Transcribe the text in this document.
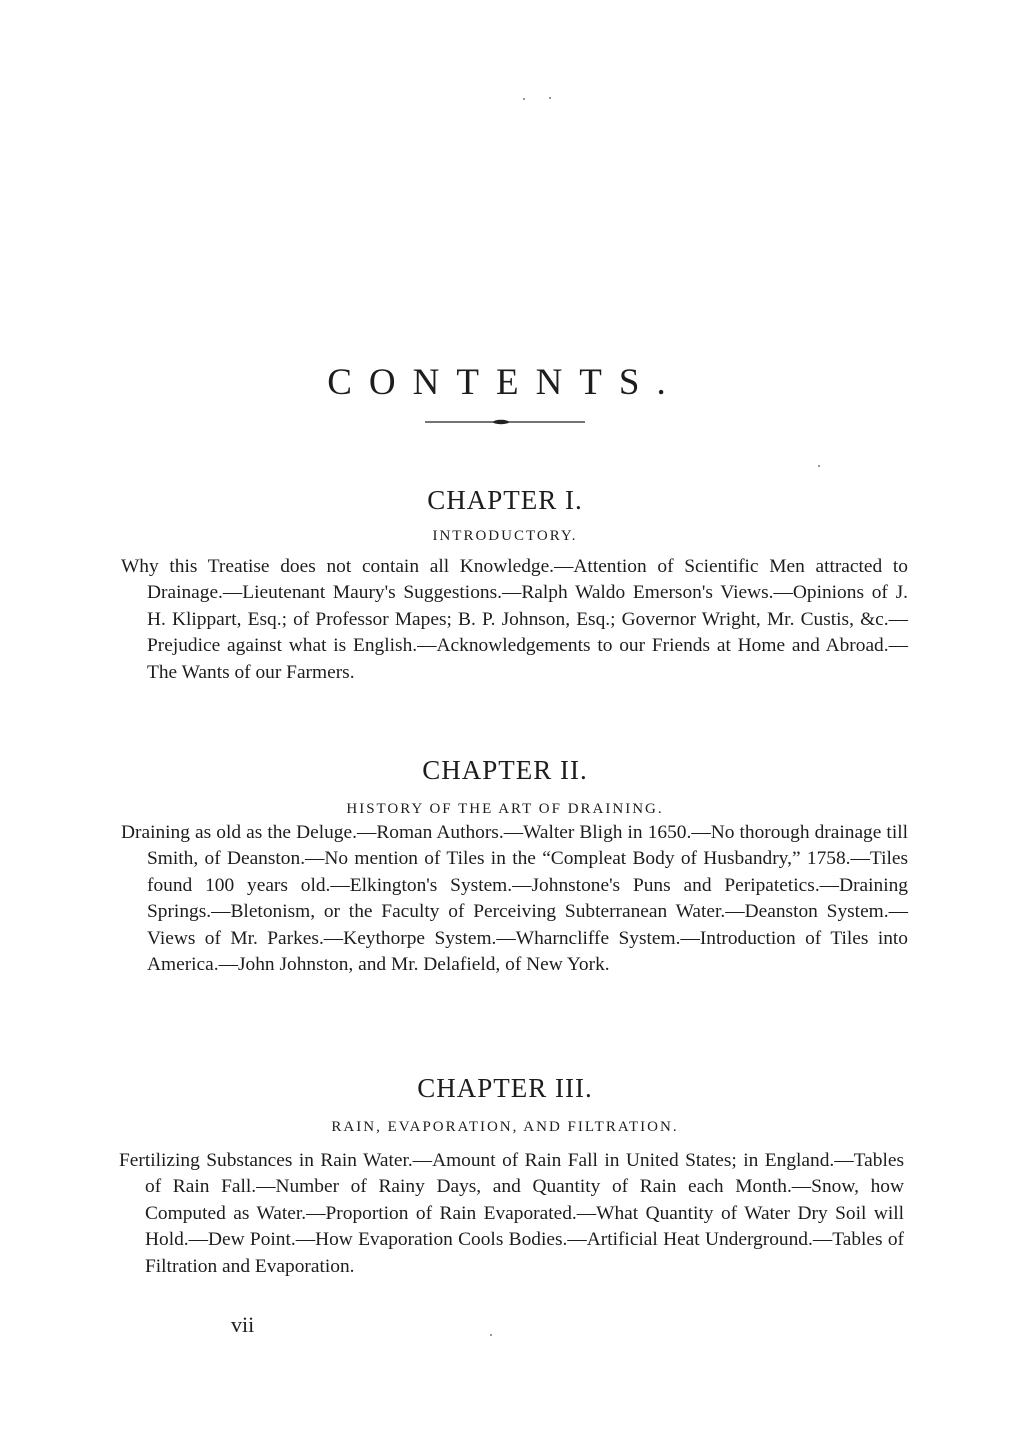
CONTENTS.
CHAPTER I.
INTRODUCTORY.

Why this Treatise does not contain all Knowledge.—Attention of Scientific Men attracted to Drainage.—Lieutenant Maury's Suggestions.—Ralph Waldo Emerson's Views.—Opinions of J. H. Klippart, Esq.; of Professor Mapes; B. P. Johnson, Esq.; Governor Wright, Mr. Custis, &c.—Prejudice against what is English.—Acknowledgements to our Friends at Home and Abroad.—The Wants of our Farmers.

CHAPTER II.
HISTORY OF THE ART OF DRAINING.

Draining as old as the Deluge.—Roman Authors.—Walter Bligh in 1650.—No thorough drainage till Smith, of Deanston.—No mention of Tiles in the “Compleat Body of Husbandry,” 1758.—Tiles found 100 years old.—Elkington's System.—Johnstone's Puns and Peripatetics.—Draining Springs.—Bletonism, or the Faculty of Perceiving Subterranean Water.—Deanston System.—Views of Mr. Parkes.—Keythorpe System.—Wharncliffe System.—Introduction of Tiles into America.—John Johnston, and Mr. Delafield, of New York.

CHAPTER III.
RAIN, EVAPORATION, AND FILTRATION.

Fertilizing Substances in Rain Water.—Amount of Rain Fall in United States; in England.—Tables of Rain Fall.—Number of Rainy Days, and Quantity of Rain each Month.—Snow, how Computed as Water.—Proportion of Rain Evaporated.—What Quantity of Water Dry Soil will Hold.—Dew Point.—How Evaporation Cools Bodies.—Artificial Heat Underground.—Tables of Filtration and Evaporation.

vii
